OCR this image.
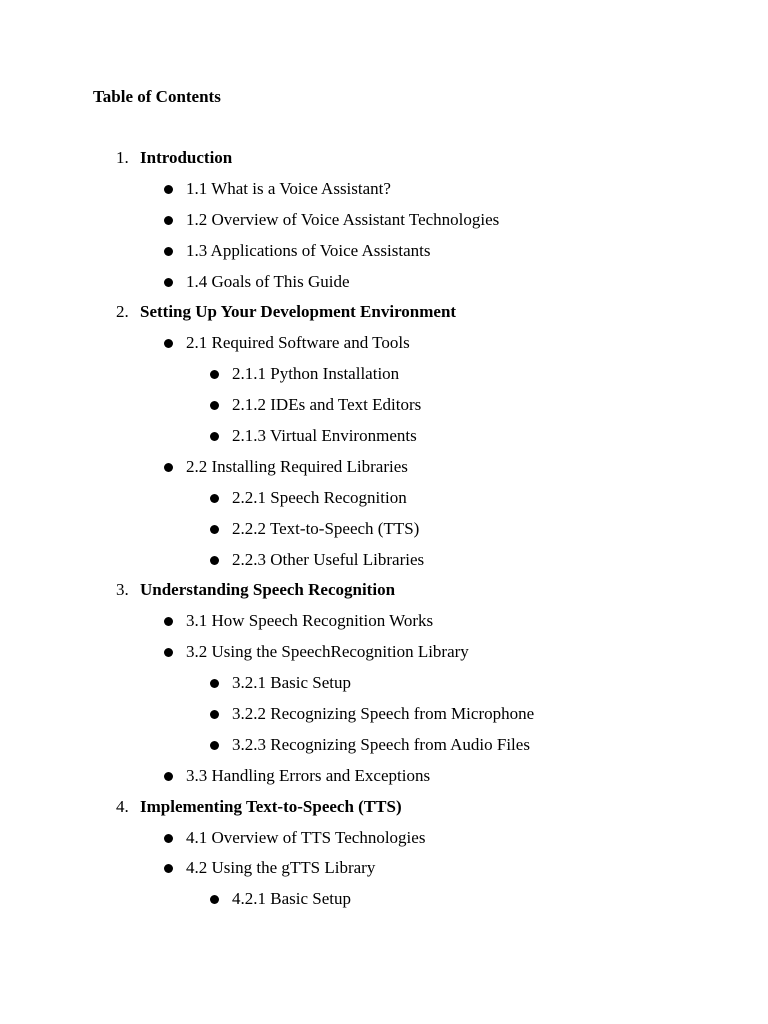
Table of Contents
1. Introduction
1.1 What is a Voice Assistant?
1.2 Overview of Voice Assistant Technologies
1.3 Applications of Voice Assistants
1.4 Goals of This Guide
2. Setting Up Your Development Environment
2.1 Required Software and Tools
2.1.1 Python Installation
2.1.2 IDEs and Text Editors
2.1.3 Virtual Environments
2.2 Installing Required Libraries
2.2.1 Speech Recognition
2.2.2 Text-to-Speech (TTS)
2.2.3 Other Useful Libraries
3. Understanding Speech Recognition
3.1 How Speech Recognition Works
3.2 Using the SpeechRecognition Library
3.2.1 Basic Setup
3.2.2 Recognizing Speech from Microphone
3.2.3 Recognizing Speech from Audio Files
3.3 Handling Errors and Exceptions
4. Implementing Text-to-Speech (TTS)
4.1 Overview of TTS Technologies
4.2 Using the gTTS Library
4.2.1 Basic Setup
